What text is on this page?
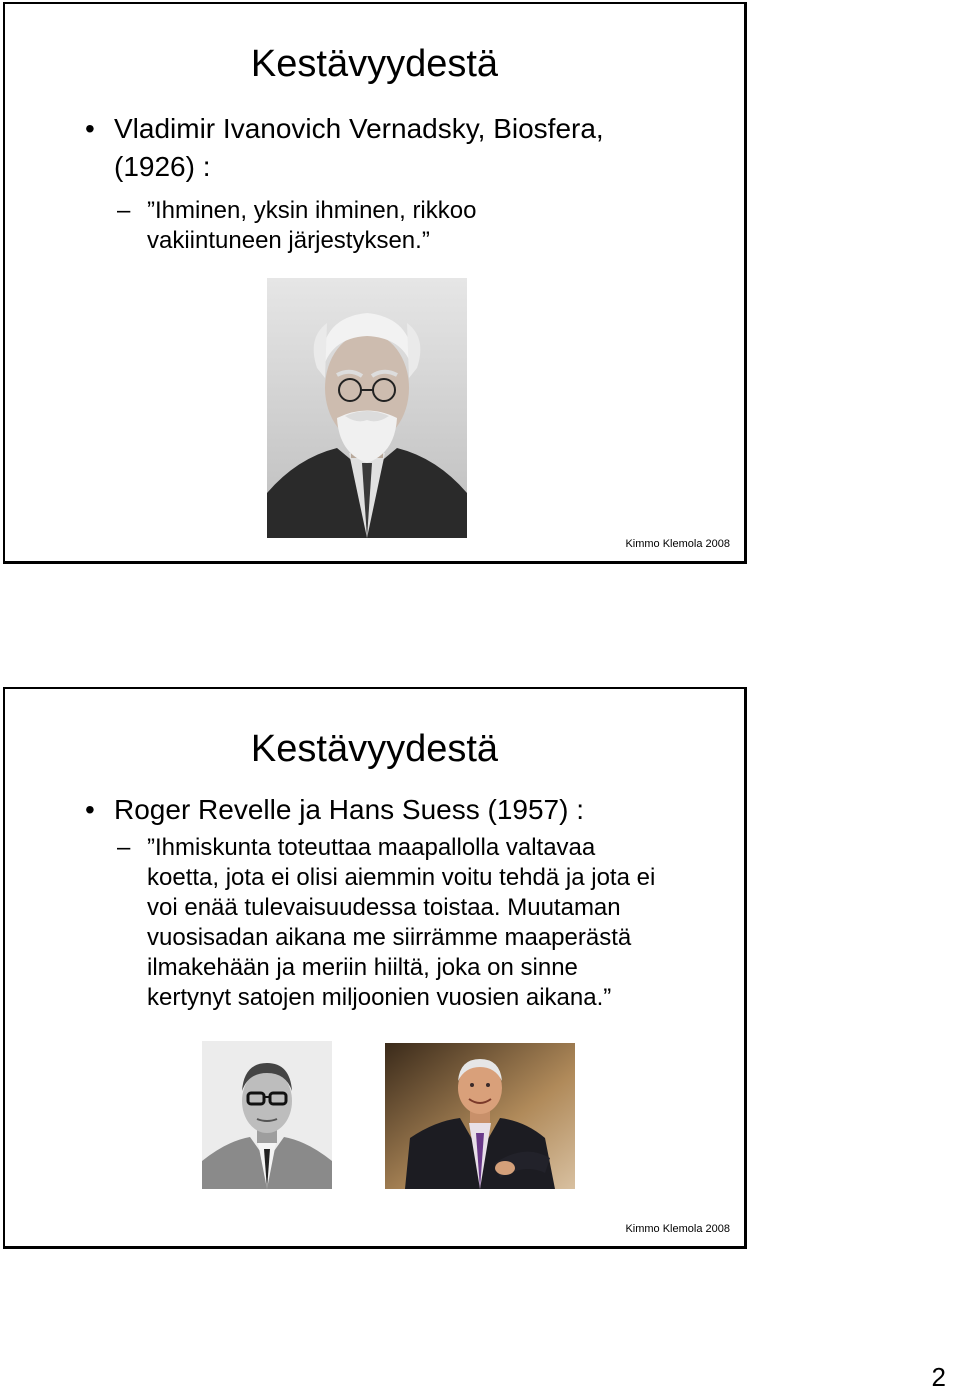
Kestävyydestä
• Vladimir Ivanovich Vernadsky, Biosfera,
(1926) :
– ”Ihminen, yksin ihminen, rikkoo
vakiintuneen järjestyksen.”
Kimmo Klemola 2008
Kestävyydestä
• Roger Revelle ja Hans Suess (1957) :
– ”Ihmiskunta toteuttaa maapallolla valtavaa
koetta, jota ei olisi aiemmin voitu tehdä ja jota ei
voi enää tulevaisuudessa toistaa. Muutaman
vuosisadan aikana me siirrämme maaperästä
ilmakehään ja meriin hiiltä, joka on sinne
kertynyt satojen miljoonien vuosien aikana.”
Kimmo Klemola 2008
2
